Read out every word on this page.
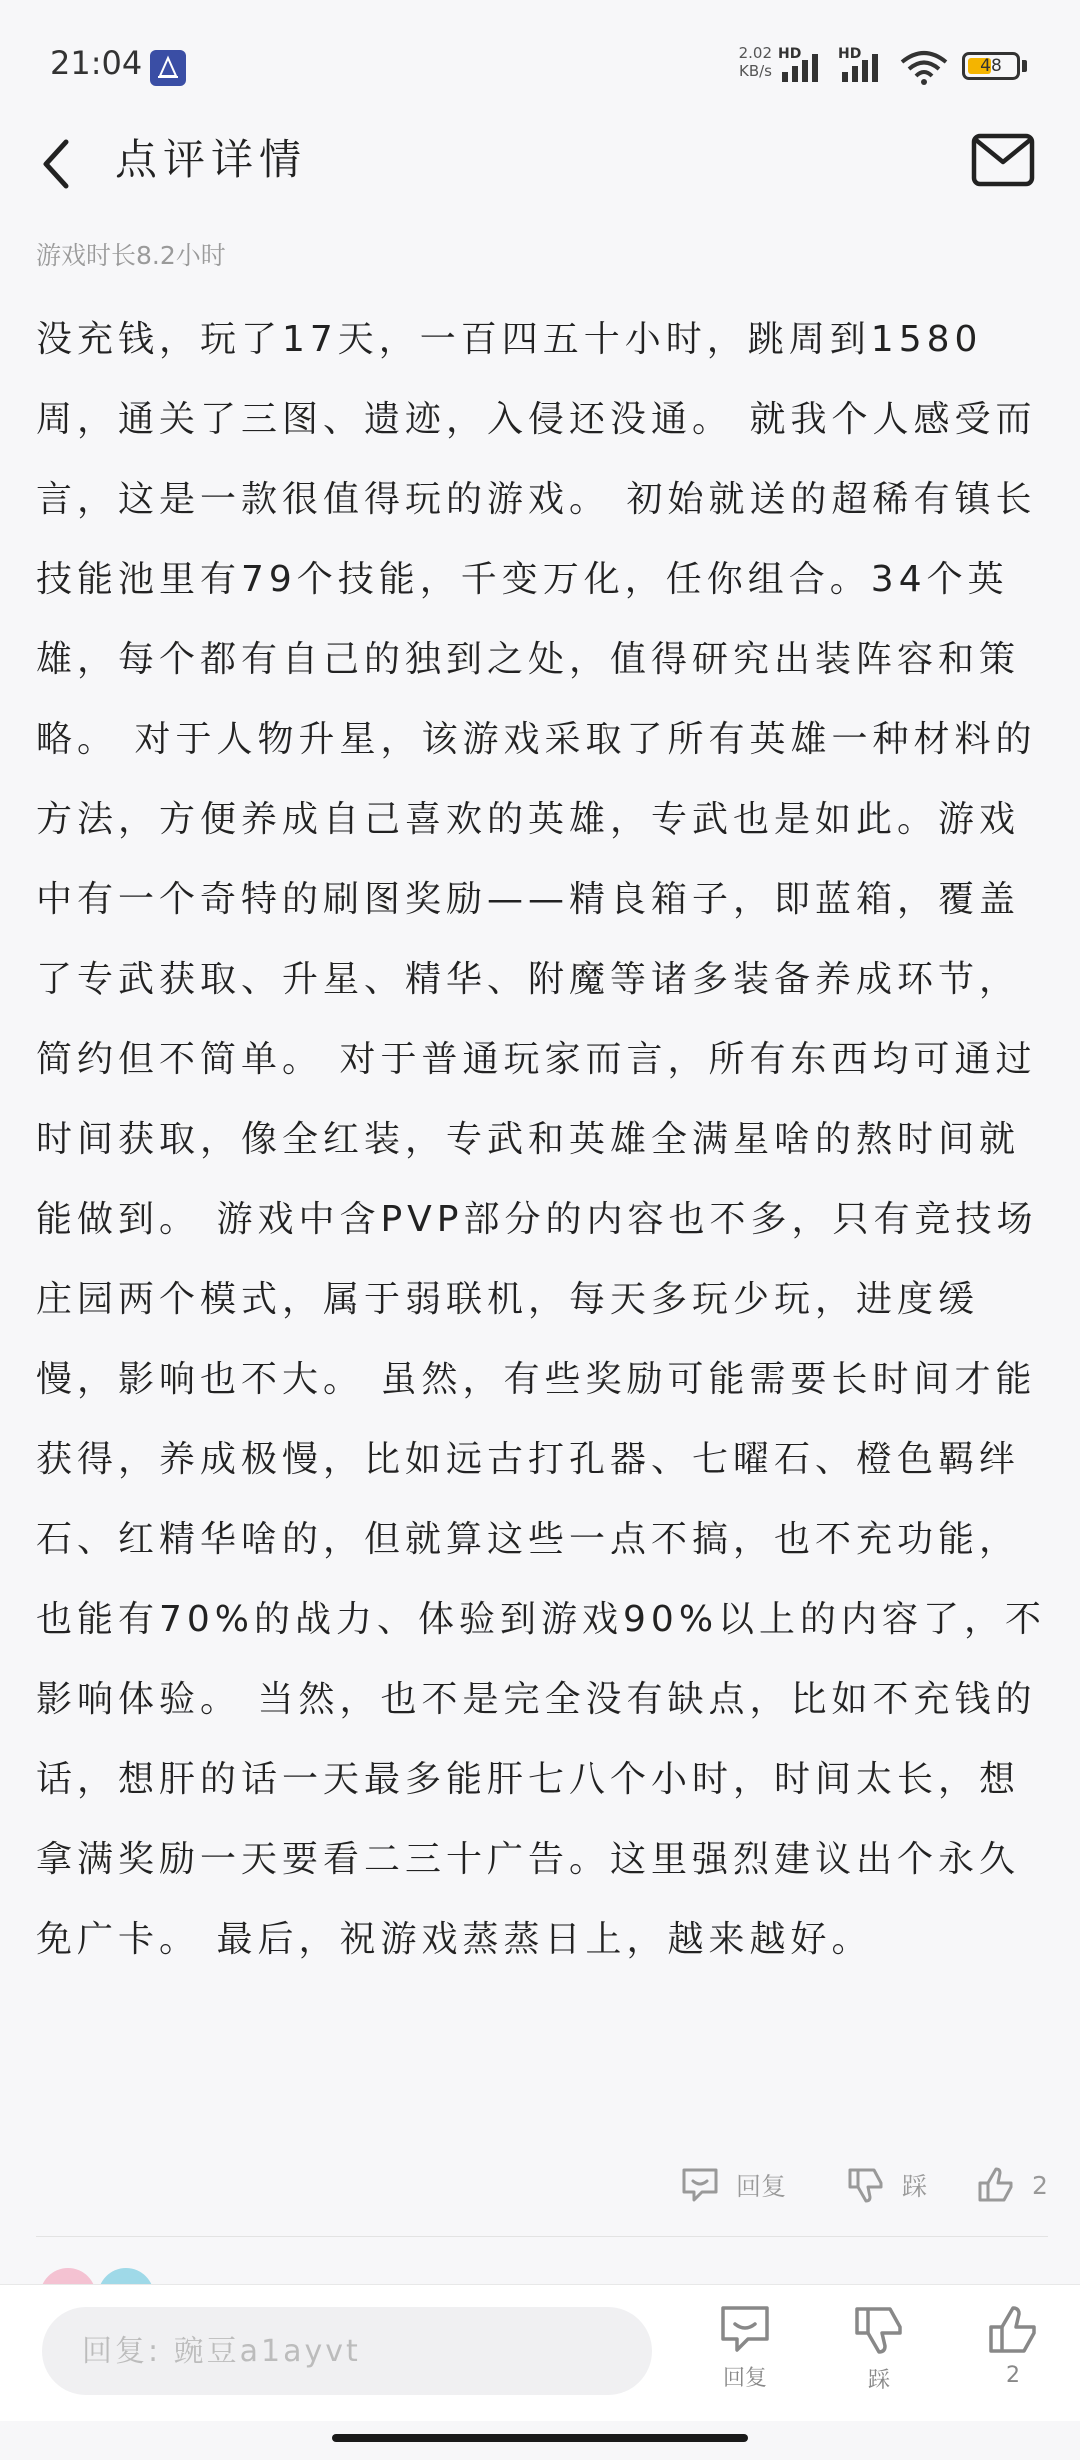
21:04	2.02
KB/s
HD	HD
48
点评详情
游戏时长8.2小时

没充钱，玩了17天，一百四五十小时，跳周到1580周，通关了三图、遗迹，入侵还没通。 就我个人感受而言，这是一款很值得玩的游戏。 初始就送的超稀有镇长技能池里有79个技能，千变万化，任你组合。34个英雄，每个都有自己的独到之处，值得研究出装阵容和策略。 对于人物升星，该游戏采取了所有英雄一种材料的方法，方便养成自己喜欢的英雄，专武也是如此。游戏中有一个奇特的刷图奖励——精良箱子，即蓝箱，覆盖了专武获取、升星、精华、附魔等诸多装备养成环节，简约但不简单。 对于普通玩家而言，所有东西均可通过时间获取，像全红装，专武和英雄全满星啥的熬时间就能做到。 游戏中含PVP部分的内容也不多，只有竞技场庄园两个模式，属于弱联机，每天多玩少玩，进度缓慢，影响也不大。 虽然，有些奖励可能需要长时间才能获得，养成极慢，比如远古打孔器、七曜石、橙色羁绊石、红精华啥的，但就算这些一点不搞，也不充功能，也能有70%的战力、体验到游戏90%以上的内容了，不影响体验。 当然，也不是完全没有缺点，比如不充钱的话，想肝的话一天最多能肝七八个小时，时间太长，想拿满奖励一天要看二三十广告。这里强烈建议出个永久免广卡。 最后，祝游戏蒸蒸日上，越来越好。

回复	踩	2
回复: 豌豆a1ayvt
回复	踩	2
